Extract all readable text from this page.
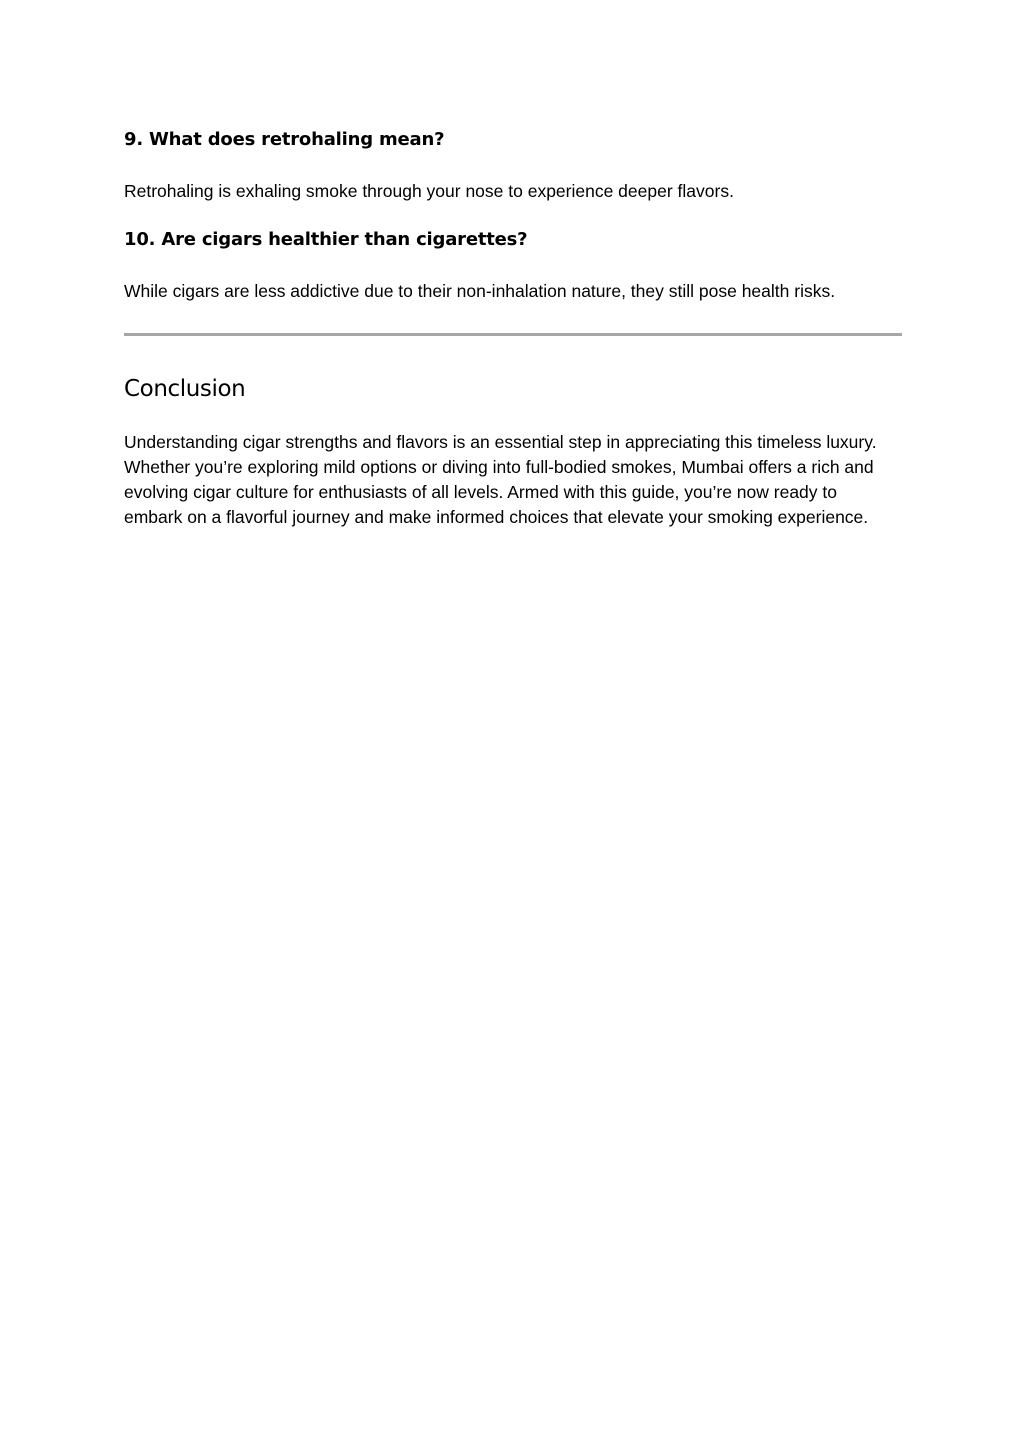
9. What does retrohaling mean?

Retrohaling is exhaling smoke through your nose to experience deeper flavors.

10. Are cigars healthier than cigarettes?

While cigars are less addictive due to their non-inhalation nature, they still pose health risks.

Conclusion

Understanding cigar strengths and flavors is an essential step in appreciating this timeless luxury. Whether you’re exploring mild options or diving into full-bodied smokes, Mumbai offers a rich and evolving cigar culture for enthusiasts of all levels. Armed with this guide, you’re now ready to embark on a flavorful journey and make informed choices that elevate your smoking experience.
